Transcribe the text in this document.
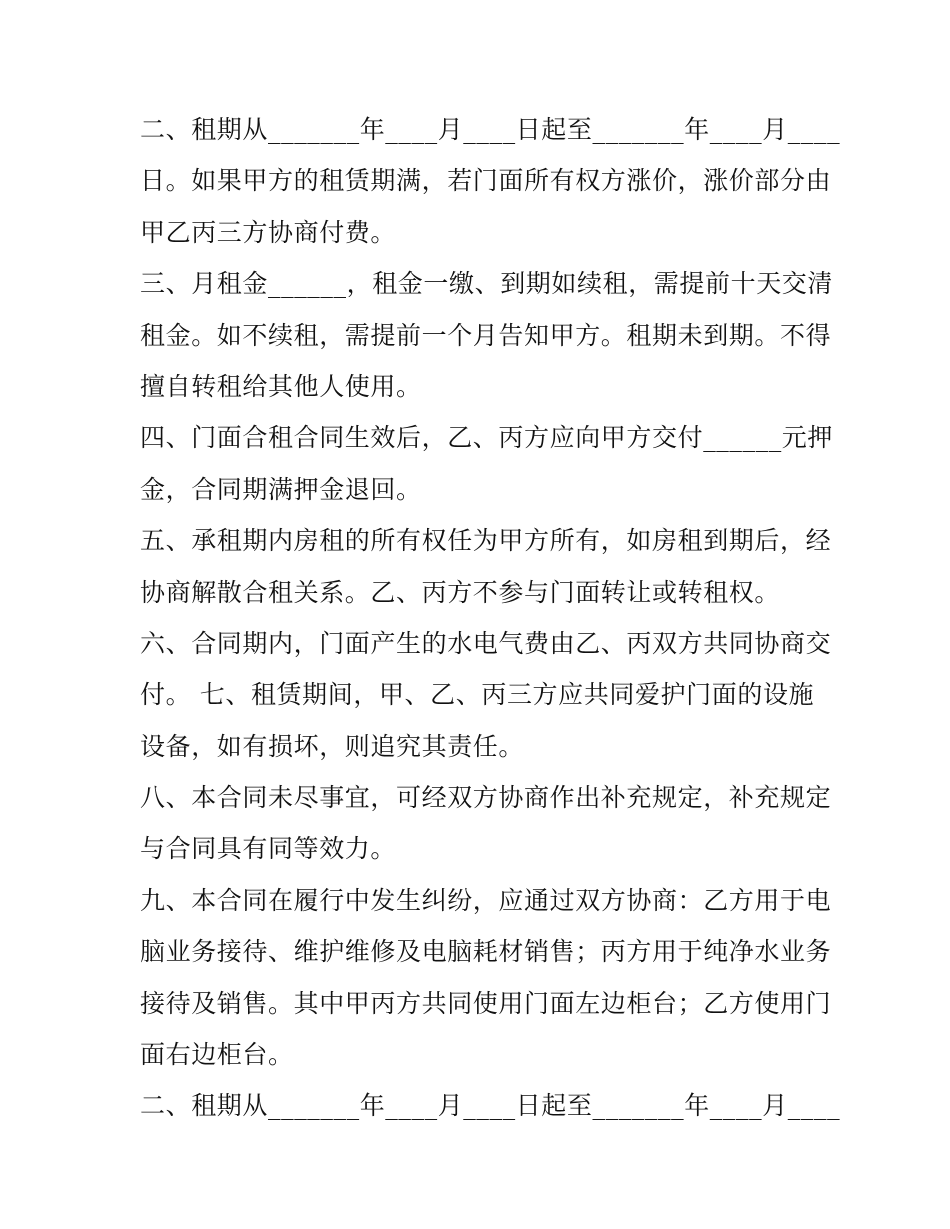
二、租期从_______年____月____日起至_______年____月____
日。如果甲方的租赁期满，若门面所有权方涨价，涨价部分由
甲乙丙三方协商付费。
三、月租金______，租金一缴、到期如续租，需提前十天交清
租金。如不续租，需提前一个月告知甲方。租期未到期。不得
擅自转租给其他人使用。
四、门面合租合同生效后，乙、丙方应向甲方交付______元押
金，合同期满押金退回。
五、承租期内房租的所有权任为甲方所有，如房租到期后，经
协商解散合租关系。乙、丙方不参与门面转让或转租权。
六、合同期内，门面产生的水电气费由乙、丙双方共同协商交
付。 七、租赁期间，甲、乙、丙三方应共同爱护门面的设施
设备，如有损坏，则追究其责任。
八、本合同未尽事宜，可经双方协商作出补充规定，补充规定
与合同具有同等效力。
九、本合同在履行中发生纠纷，应通过双方协商：乙方用于电
脑业务接待、维护维修及电脑耗材销售；丙方用于纯净水业务
接待及销售。其中甲丙方共同使用门面左边柜台；乙方使用门
面右边柜台。
二、租期从_______年____月____日起至_______年____月____
